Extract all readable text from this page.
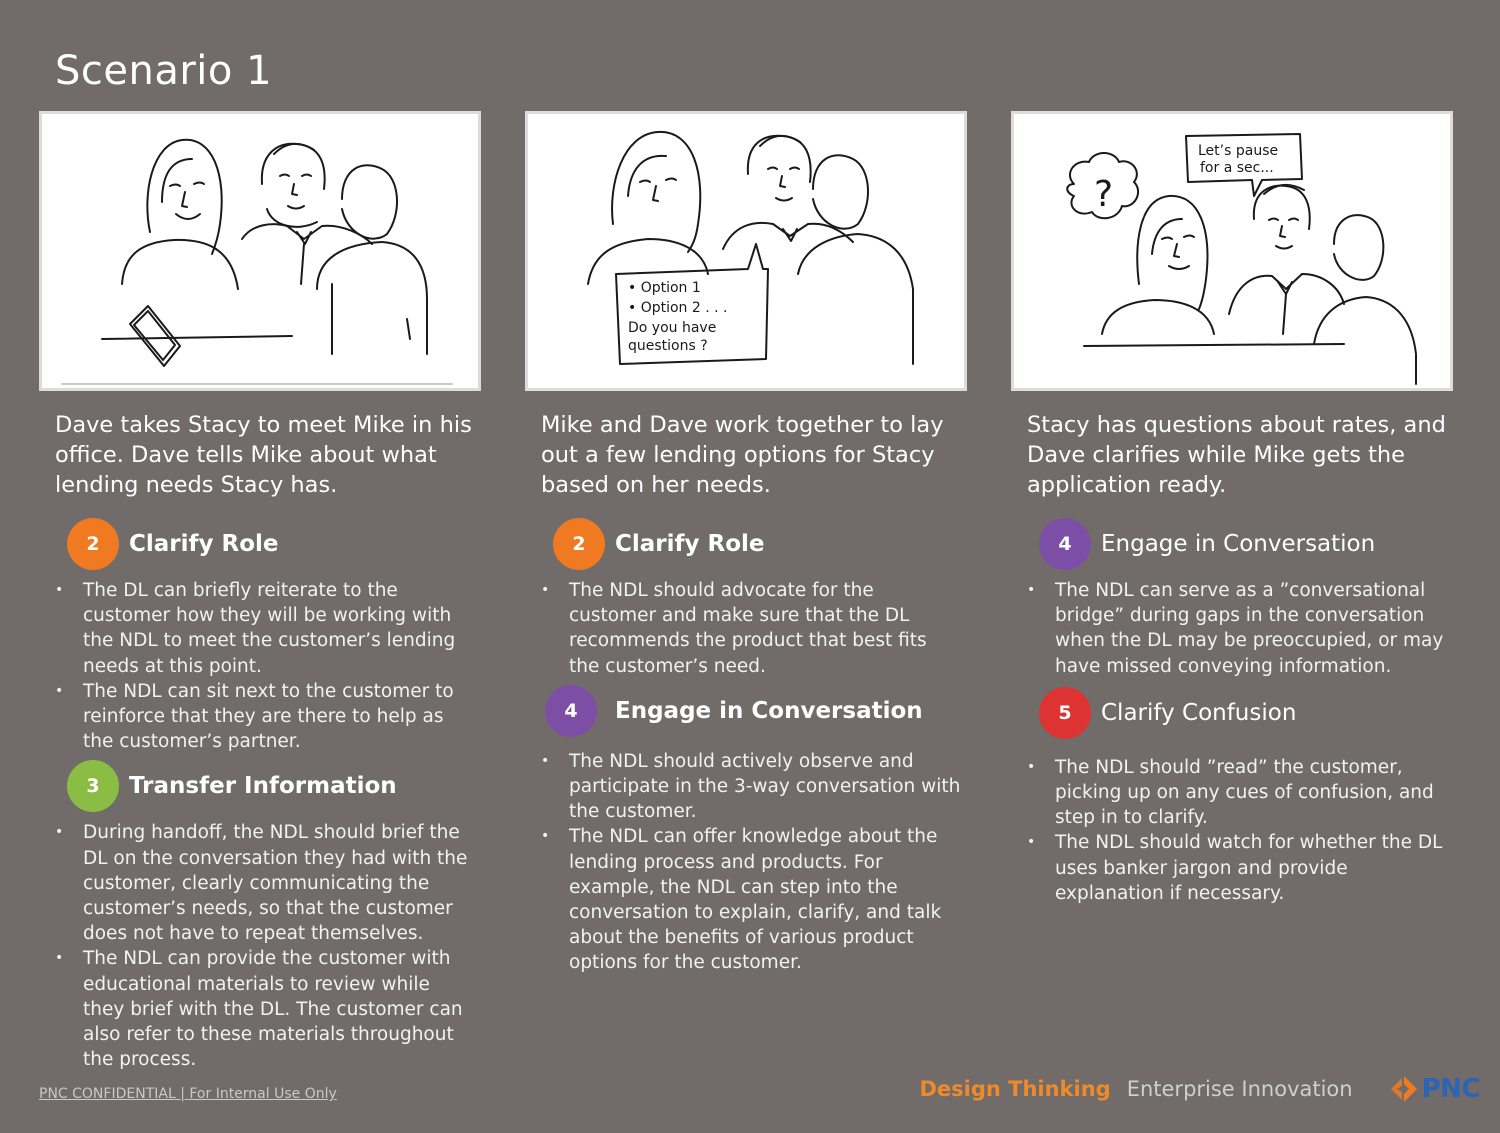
Scenario 1
Dave takes Stacy to meet Mike in his office. Dave tells Mike about what lending needs Stacy has.
2	Clarify Role
• The DL can briefly reiterate to the customer how they will be working with the NDL to meet the customer’s lending needs at this point.
• The NDL can sit next to the customer to reinforce that they are there to help as the customer’s partner.
3	Transfer Information
• During handoff, the NDL should brief the DL on the conversation they had with the customer, clearly communicating the customer’s needs, so that the customer does not have to repeat themselves.
• The NDL can provide the customer with educational materials to review while they brief with the DL. The customer can also refer to these materials throughout the process.
• Option 1
• Option 2 . . .
Do you have
questions ?
Mike and Dave work together to lay out a few lending options for Stacy based on her needs.
2	Clarify Role
• The NDL should advocate for the customer and make sure that the DL recommends the product that best fits the customer’s need.
4	Engage in Conversation
• The NDL should actively observe and participate in the 3-way conversation with the customer.
• The NDL can offer knowledge about the lending process and products. For example, the NDL can step into the conversation to explain, clarify, and talk about the benefits of various product options for the customer.
?
Let’s pause
for a sec...
Stacy has questions about rates, and Dave clarifies while Mike gets the application ready.
4	Engage in Conversation
• The NDL can serve as a ”conversational bridge” during gaps in the conversation when the DL may be preoccupied, or may have missed conveying information.
5	Clarify Confusion
• The NDL should ”read” the customer, picking up on any cues of confusion, and step in to clarify.
• The NDL should watch for whether the DL uses banker jargon and provide explanation if necessary.
PNC CONFIDENTIAL | For Internal Use Only	Design Thinking Enterprise Innovation	PNC
